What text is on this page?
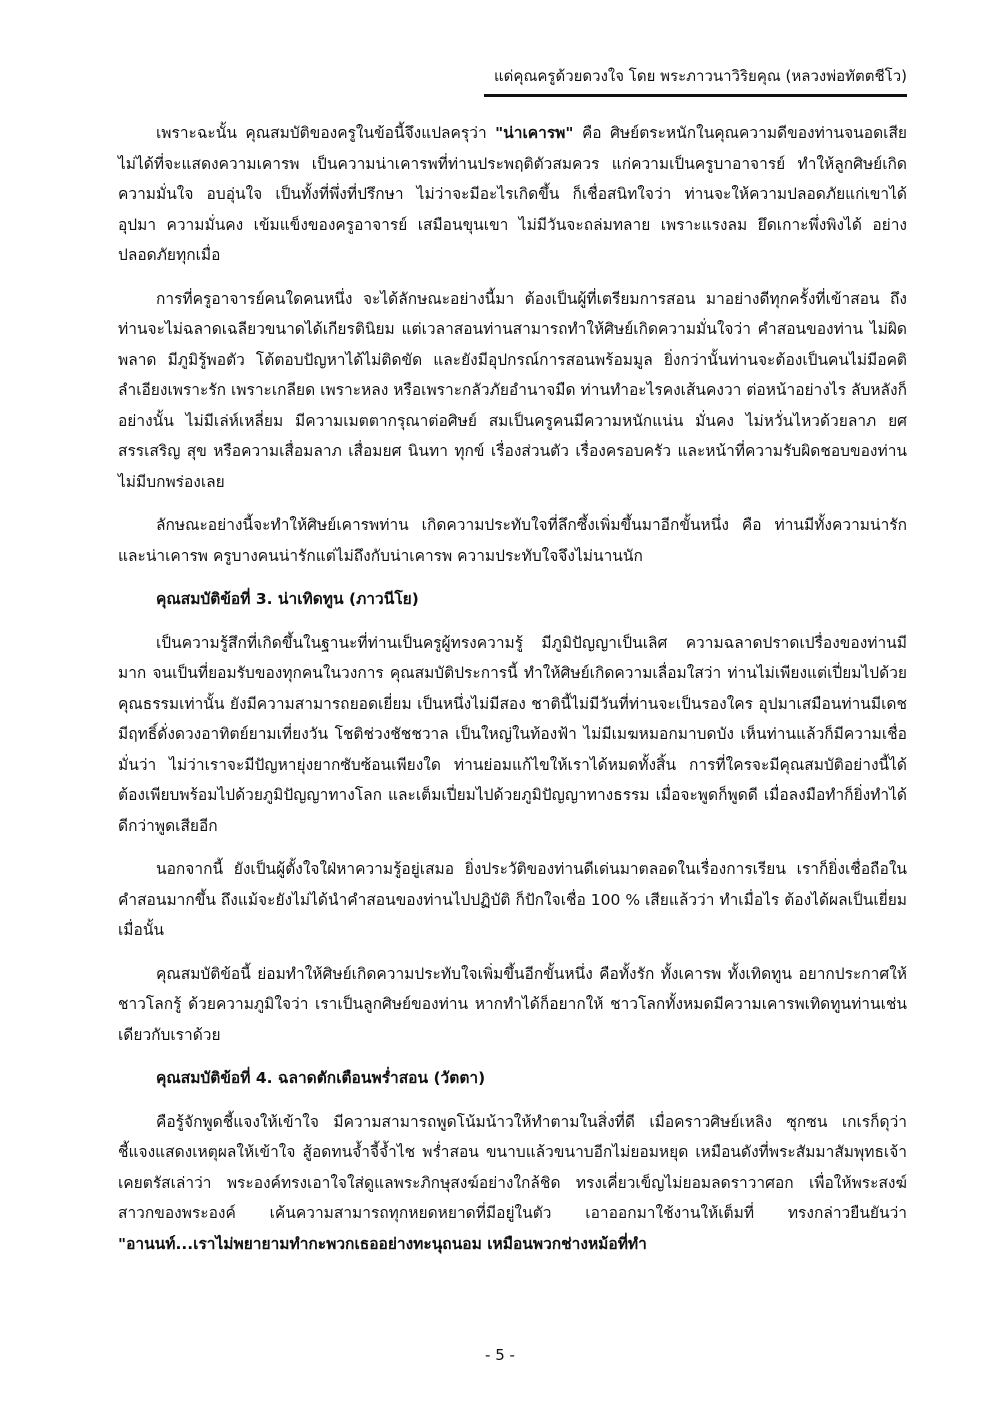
แด่คุณครูด้วยดวงใจ โดย พระภาวนาวิริยคุณ (หลวงพ่อทัตตชีโว)

เพราะฉะนั้น คุณสมบัติของครูในข้อนี้จึงแปลครุว่า "น่าเคารพ" คือ ศิษย์ตระหนักในคุณความดีของท่านจนอดเสียไม่ได้ที่จะแสดงความเคารพ เป็นความน่าเคารพที่ท่านประพฤติตัวสมควร แก่ความเป็นครูบาอาจารย์ ทำให้ลูกศิษย์เกิดความมั่นใจ อบอุ่นใจ เป็นทั้งที่พึ่งที่ปรึกษา ไม่ว่าจะมีอะไรเกิดขึ้น ก็เชื่อสนิทใจว่า ท่านจะให้ความปลอดภัยแก่เขาได้ อุปมา ความมั่นคง เข้มแข็งของครูอาจารย์ เสมือนขุนเขา ไม่มีวันจะถล่มทลาย เพราะแรงลม ยึดเกาะพึ่งพิงได้ อย่างปลอดภัยทุกเมื่อ

การที่ครูอาจารย์คนใดคนหนึ่ง จะได้ลักษณะอย่างนี้มา ต้องเป็นผู้ที่เตรียมการสอน มาอย่างดีทุกครั้งที่เข้าสอน ถึงท่านจะไม่ฉลาดเฉลียวขนาดได้เกียรตินิยม แต่เวลาสอนท่านสามารถทำให้ศิษย์เกิดความมั่นใจว่า คำสอนของท่าน ไม่ผิดพลาด มีภูมิรู้พอตัว โต้ตอบปัญหาได้ไม่ติดขัด และยังมีอุปกรณ์การสอนพร้อมมูล ยิ่งกว่านั้นท่านจะต้องเป็นคนไม่มีอคติ ลำเอียงเพราะรัก เพราะเกลียด เพราะหลง หรือเพราะกลัวภัยอำนาจมืด ท่านทำอะไรคงเส้นคงวา ต่อหน้าอย่างไร ลับหลังก็อย่างนั้น ไม่มีเล่ห์เหลี่ยม มีความเมตตากรุณาต่อศิษย์ สมเป็นครูคนมีความหนักแน่น มั่นคง ไม่หวั่นไหวด้วยลาภ ยศ สรรเสริญ สุข หรือความเสื่อมลาภ เสื่อมยศ นินทา ทุกข์ เรื่องส่วนตัว เรื่องครอบครัว และหน้าที่ความรับผิดชอบของท่าน ไม่มีบกพร่องเลย

ลักษณะอย่างนี้จะทำให้ศิษย์เคารพท่าน เกิดความประทับใจที่ลึกซึ้งเพิ่มขึ้นมาอีกขั้นหนึ่ง คือ ท่านมีทั้งความน่ารักและน่าเคารพ ครูบางคนน่ารักแต่ไม่ถึงกับน่าเคารพ ความประทับใจจึงไม่นานนัก

คุณสมบัติข้อที่ 3. น่าเทิดทูน (ภาวนีโย)

เป็นความรู้สึกที่เกิดขึ้นในฐานะที่ท่านเป็นครูผู้ทรงความรู้ มีภูมิปัญญาเป็นเลิศ ความฉลาดปราดเปรื่องของท่านมีมาก จนเป็นที่ยอมรับของทุกคนในวงการ คุณสมบัติประการนี้ ทำให้ศิษย์เกิดความเลื่อมใสว่า ท่านไม่เพียงแต่เปี่ยมไปด้วยคุณธรรมเท่านั้น ยังมีความสามารถยอดเยี่ยม เป็นหนึ่งไม่มีสอง ชาตินี้ไม่มีวันที่ท่านจะเป็นรองใคร อุปมาเสมือนท่านมีเดชมีฤทธิ์ดั่งดวงอาทิตย์ยามเที่ยงวัน โชติช่วงชัชชวาล เป็นใหญ่ในท้องฟ้า ไม่มีเมฆหมอกมาบดบัง เห็นท่านแล้วก็มีความเชื่อมั่นว่า ไม่ว่าเราจะมีปัญหายุ่งยากซับซ้อนเพียงใด ท่านย่อมแก้ไขให้เราได้หมดทั้งสิ้น การที่ใครจะมีคุณสมบัติอย่างนี้ได้ ต้องเพียบพร้อมไปด้วยภูมิปัญญาทางโลก และเต็มเปี่ยมไปด้วยภูมิปัญญาทางธรรม เมื่อจะพูดก็พูดดี เมื่อลงมือทำก็ยิ่งทำได้ดีกว่าพูดเสียอีก

นอกจากนี้ ยังเป็นผู้ตั้งใจใฝ่หาความรู้อยู่เสมอ ยิ่งประวัติของท่านดีเด่นมาตลอดในเรื่องการเรียน เราก็ยิ่งเชื่อถือในคำสอนมากขึ้น ถึงแม้จะยังไม่ได้นำคำสอนของท่านไปปฏิบัติ ก็ปักใจเชื่อ 100 % เสียแล้วว่า ทำเมื่อไร ต้องได้ผลเป็นเยี่ยมเมื่อนั้น

คุณสมบัติข้อนี้ ย่อมทำให้ศิษย์เกิดความประทับใจเพิ่มขึ้นอีกขั้นหนึ่ง คือทั้งรัก ทั้งเคารพ ทั้งเทิดทูน อยากประกาศให้ชาวโลกรู้ ด้วยความภูมิใจว่า เราเป็นลูกศิษย์ของท่าน หากทำได้ก็อยากให้ ชาวโลกทั้งหมดมีความเคารพเทิดทูนท่านเช่นเดียวกับเราด้วย

คุณสมบัติข้อที่ 4. ฉลาดตักเตือนพร่ำสอน (วัตตา)

คือรู้จักพูดชี้แจงให้เข้าใจ มีความสามารถพูดโน้มน้าวให้ทำตามในสิ่งที่ดี เมื่อคราวศิษย์เหลิง ซุกซน เกเรก็ดุว่า ชี้แจงแสดงเหตุผลให้เข้าใจ สู้อดทนจ้ำจี้จ้ำไช พร่ำสอน ขนาบแล้วขนาบอีกไม่ยอมหยุด เหมือนดังที่พระสัมมาสัมพุทธเจ้า เคยตรัสเล่าว่า พระองค์ทรงเอาใจใส่ดูแลพระภิกษุสงฆ์อย่างใกล้ชิด ทรงเคี่ยวเข็ญไม่ยอมลดราวาศอก เพื่อให้พระสงฆ์สาวกของพระองค์ เค้นความสามารถทุกหยดหยาดที่มีอยู่ในตัว เอาออกมาใช้งานให้เต็มที่ ทรงกล่าวยืนยันว่า "อานนท์...เราไม่พยายามทำกะพวกเธออย่างทะนุถนอม เหมือนพวกช่างหม้อที่ทำ

- 5 -
